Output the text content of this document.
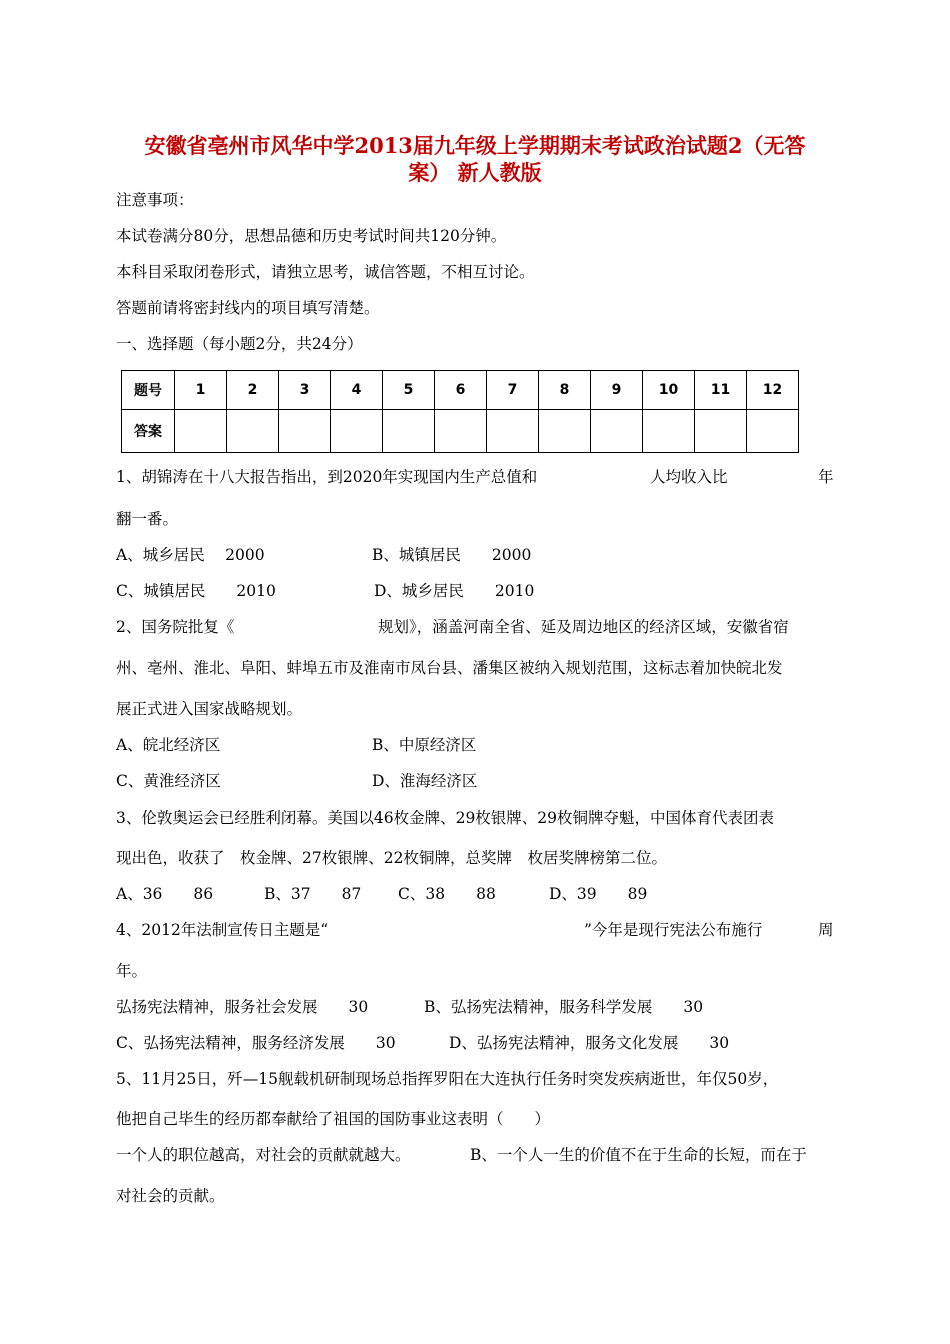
安徽省亳州市风华中学2013届九年级上学期期末考试政治试题2（无答
案） 新人教版
注意事项：
本试卷满分80分，思想品德和历史考试时间共120分钟。
本科目采取闭卷形式，请独立思考，诚信答题，不相互讨论。
答题前请将密封线内的项目填写清楚。
一、选择题（每小题2分，共24分）
题号	1	2	3	4	5	6	7	8	9	10	11	12
答案												
1、胡锦涛在十八大报告指出，到2020年实现国内生产总值和	人均收入比	年
翻一番。
A、城乡居民　 2000	B、城镇居民　　2000
C、城镇居民　　2010	D、城乡居民　　2010
2、国务院批复《	规划》，涵盖河南全省、延及周边地区的经济区域，安徽省宿
州、亳州、淮北、阜阳、蚌埠五市及淮南市凤台县、潘集区被纳入规划范围，这标志着加快皖北发
展正式进入国家战略规划。
A、皖北经济区	B、中原经济区
C、黄淮经济区	D、淮海经济区
3、伦敦奥运会已经胜利闭幕。美国以46枚金牌、29枚银牌、29枚铜牌夺魁，中国体育代表团表
现出色，收获了　枚金牌、27枚银牌、22枚铜牌，总奖牌　枚居奖牌榜第二位。
A、36　　86	B、37　　87 C、38　　88	D、39　　89
4、2012年法制宣传日主题是“	”今年是现行宪法公布施行	周
年。
弘扬宪法精神，服务社会发展　　30	B、弘扬宪法精神，服务科学发展　　30
C、弘扬宪法精神，服务经济发展　　30	D、弘扬宪法精神，服务文化发展　　30
5、11月25日，歼—15舰载机研制现场总指挥罗阳在大连执行任务时突发疾病逝世，年仅50岁，
他把自己毕生的经历都奉献给了祖国的国防事业这表明（　　）
一个人的职位越高，对社会的贡献就越大。	B、一个人一生的价值不在于生命的长短，而在于
对社会的贡献。
